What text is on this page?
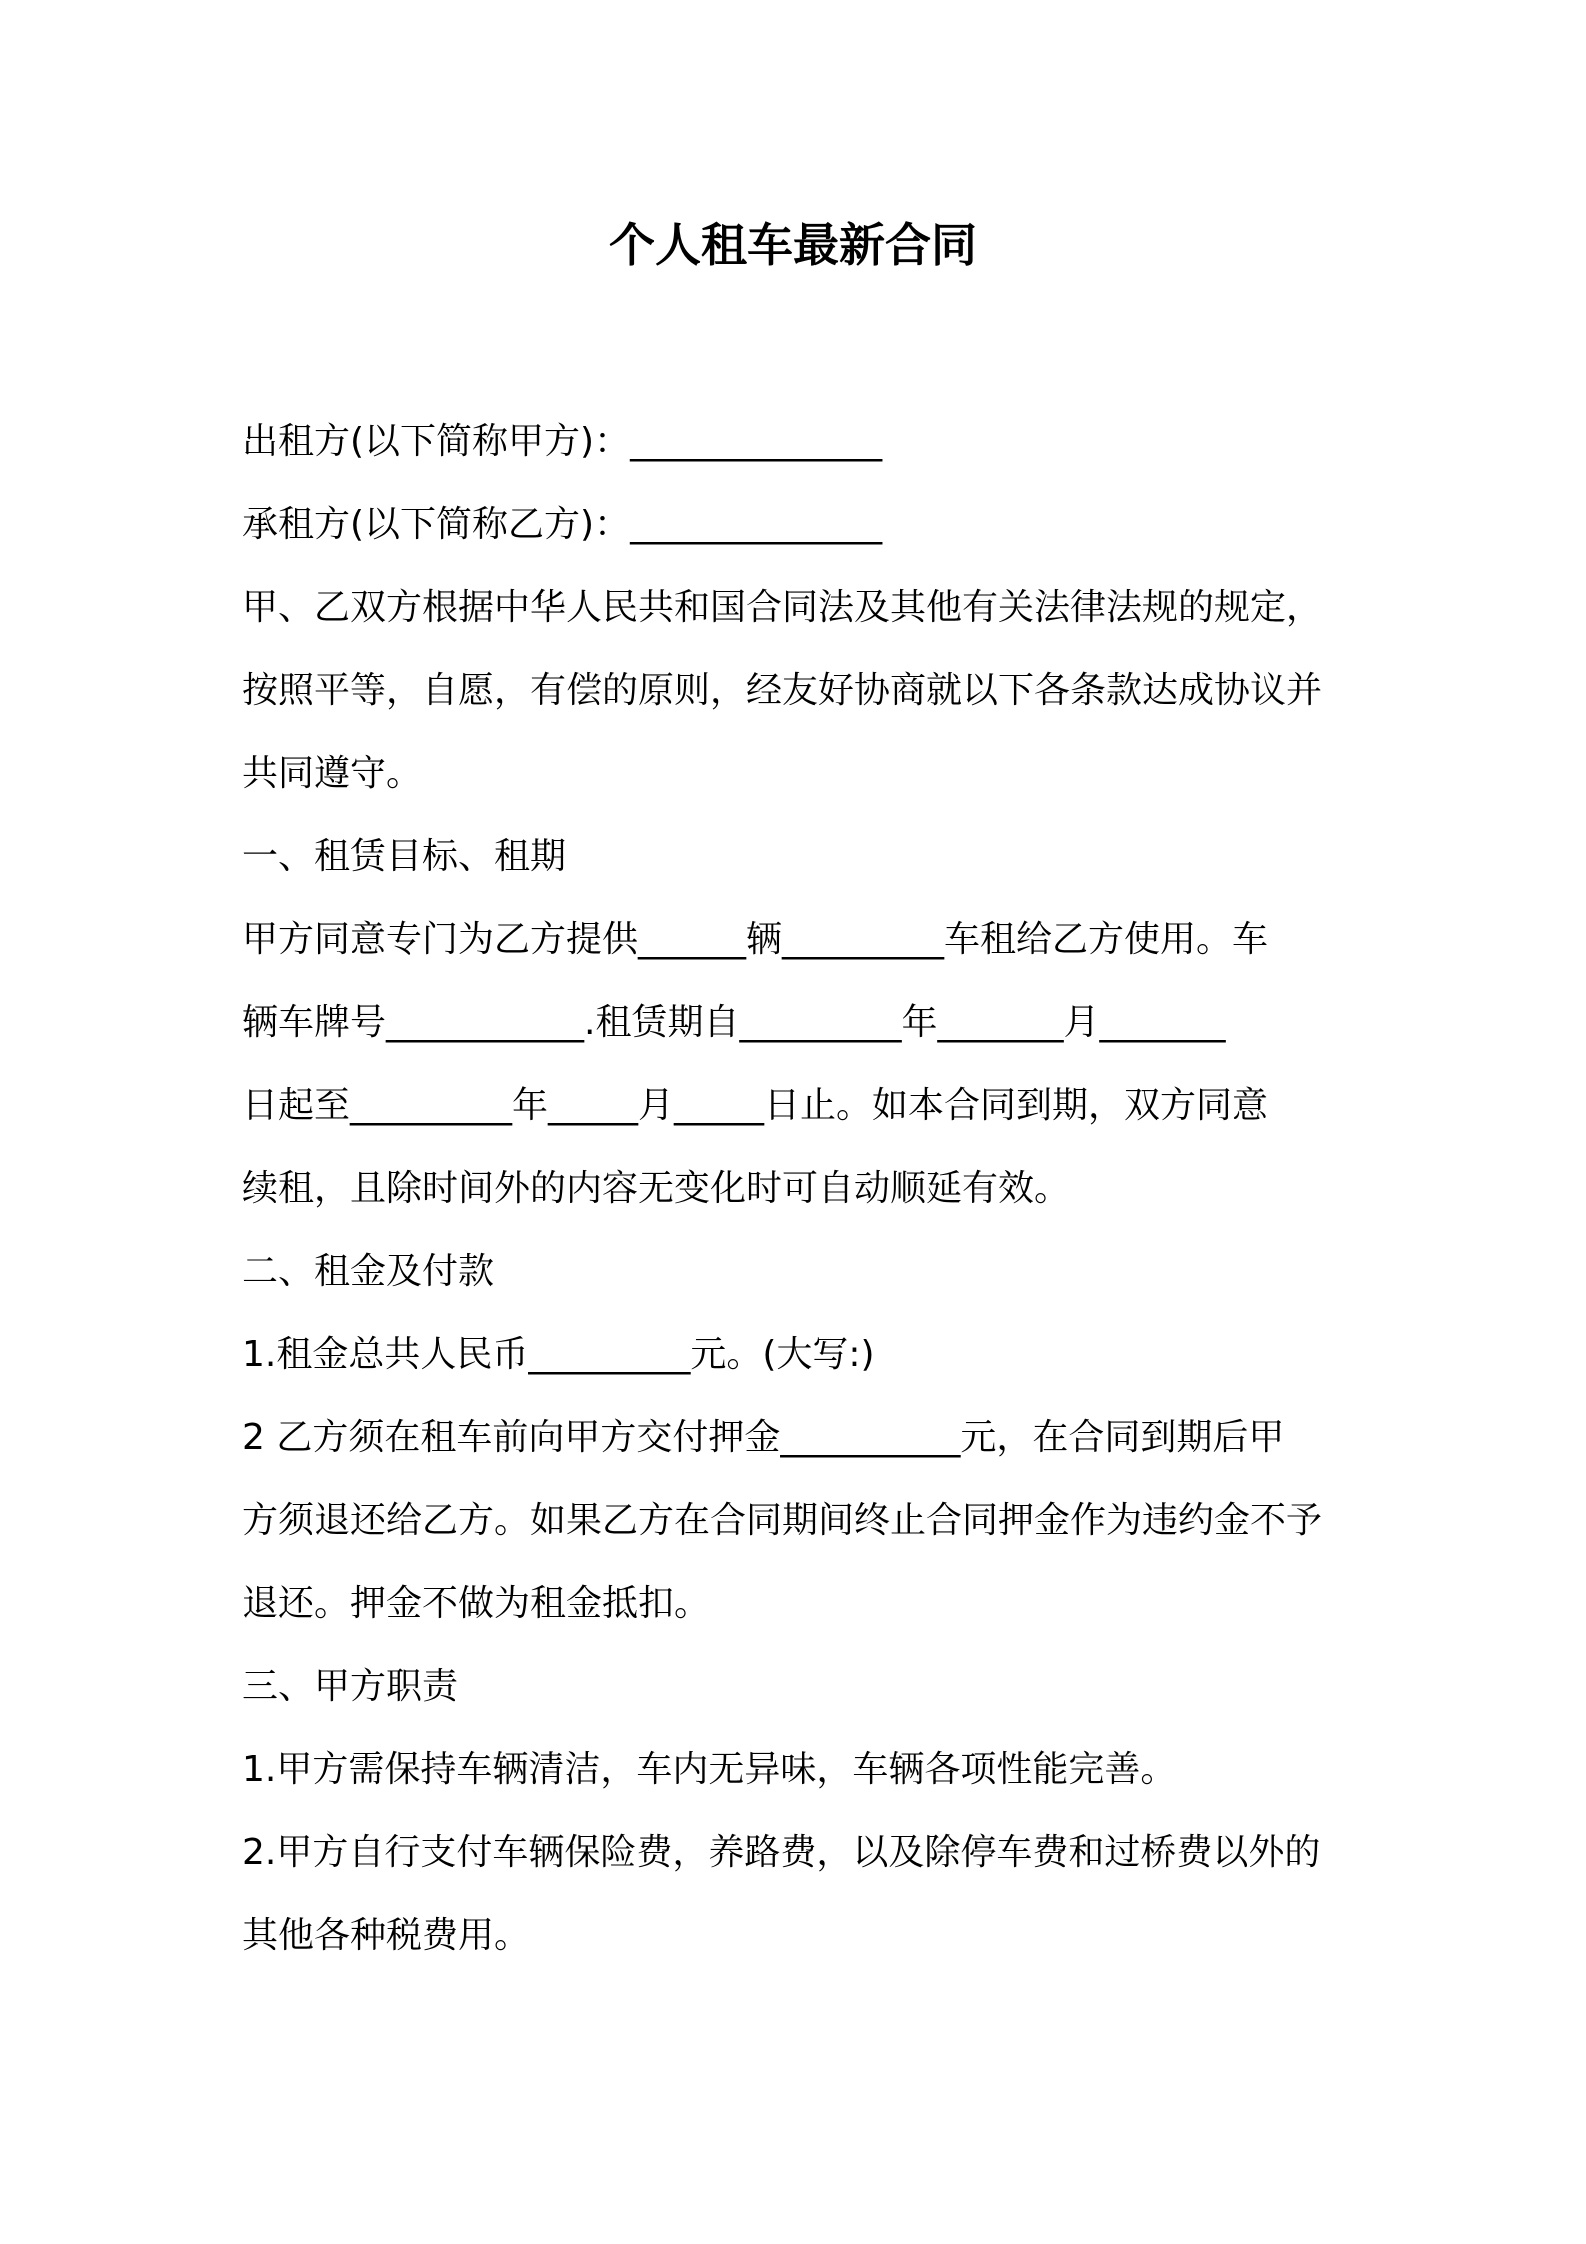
个人租车最新合同
出租方(以下简称甲方)：______________
承租方(以下简称乙方)：______________
甲、乙双方根据中华人民共和国合同法及其他有关法律法规的规定，
按照平等，自愿，有偿的原则，经友好协商就以下各条款达成协议并
共同遵守。
一、租赁目标、租期
甲方同意专门为乙方提供______辆_________车租给乙方使用。车
辆车牌号___________.租赁期自_________年_______月_______
日起至_________年_____月_____日止。如本合同到期，双方同意
续租，且除时间外的内容无变化时可自动顺延有效。
二、租金及付款
1.租金总共人民币_________元。(大写:)
2 乙方须在租车前向甲方交付押金__________元，在合同到期后甲
方须退还给乙方。如果乙方在合同期间终止合同押金作为违约金不予
退还。押金不做为租金抵扣。
三、甲方职责
1.甲方需保持车辆清洁，车内无异味，车辆各项性能完善。
2.甲方自行支付车辆保险费，养路费，以及除停车费和过桥费以外的
其他各种税费用。
